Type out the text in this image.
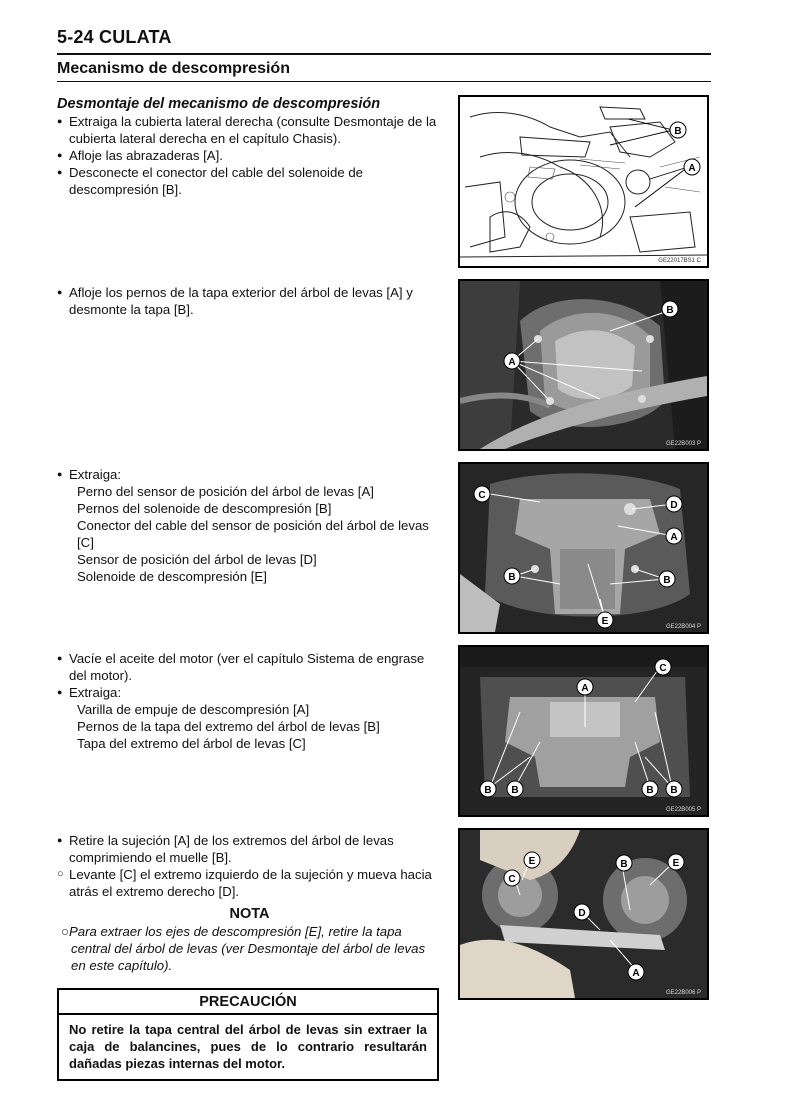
5-24 CULATA
Mecanismo de descompresión
Desmontaje del mecanismo de descompresión
● Extraiga la cubierta lateral derecha (consulte Desmontaje de la cubierta lateral derecha en el capítulo Chasis).
● Afloje las abrazaderas [A].
● Desconecte el conector del cable del solenoide de descompresión [B].
B
A
GE22017BS1 C
● Afloje los pernos de la tapa exterior del árbol de levas [A] y desmonte la tapa [B].
A
B
GE22B003 P
● Extraiga:
Perno del sensor de posición del árbol de levas [A]
Pernos del solenoide de descompresión [B]
Conector del cable del sensor de posición del árbol de levas [C]
Sensor de posición del árbol de levas [D]
Solenoide de descompresión [E]
C
D
A
B	B
E	GE22B004 P
● Vacíe el aceite del motor (ver el capítulo Sistema de engrase del motor).
● Extraiga:
Varilla de empuje de descompresión [A]
Pernos de la tapa del extremo del árbol de levas [B]
Tapa del extremo del árbol de levas [C]
C
A
B B	B B
GE22B005 P
● Retire la sujeción [A] de los extremos del árbol de levas comprimiendo el muelle [B].
○ Levante [C] el extremo izquierdo de la sujeción y mueva hacia atrás el extremo derecho [D].
NOTA
○Para extraer los ejes de descompresión [E], retire la tapa central del árbol de levas (ver Desmontaje del árbol de levas en este capítulo).
E
C
B	E
D
A
GE22B006 P
PRECAUCIÓN
No retire la tapa central del árbol de levas sin extraer la caja de balancines, pues de lo contrario resultarán dañadas piezas internas del motor.
